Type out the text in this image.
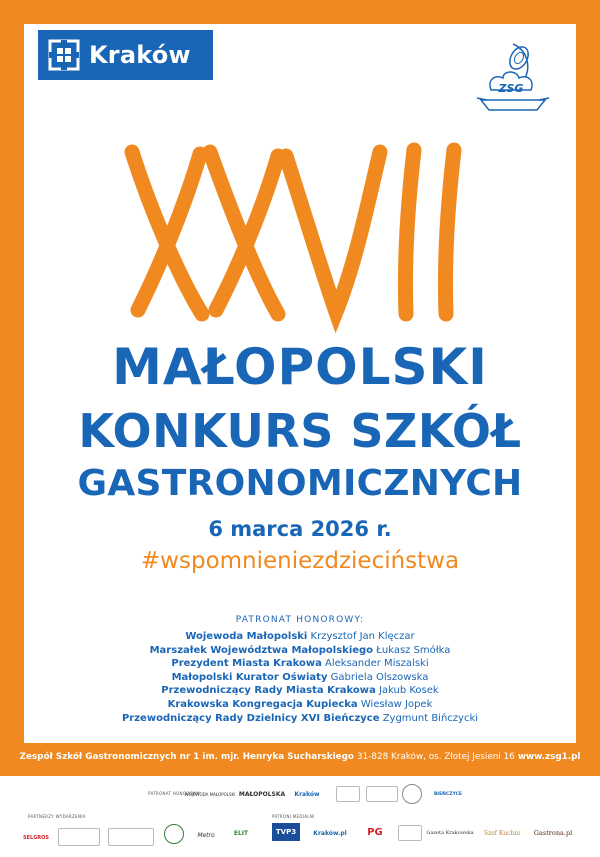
Kraków
ZSG
MAŁOPOLSKI
KONKURS SZKÓŁ
GASTRONOMICZNYCH
6 marca 2026 r.
#wspomnieniezdzieciństwa
PATRONAT HONOROWY:
Wojewoda Małopolski Krzysztof Jan Klęczar
Marszałek Województwa Małopolskiego Łukasz Smółka
Prezydent Miasta Krakowa Aleksander Miszalski
Małopolski Kurator Oświaty Gabriela Olszowska
Przewodniczący Rady Miasta Krakowa Jakub Kosek
Krakowska Kongregacja Kupiecka Wiesław Jopek
Przewodniczący Rady Dzielnicy XVI Bieńczyce Zygmunt Bińczycki
Zespół Szkół Gastronomicznych nr 1 im. mjr. Henryka Sucharskiego 31-828 Kraków, os. Złotej Jesieni 16 www.zsg1.pl
PATRONAT HONOROWY:
WOJEWODA MAŁOPOLSKI MAŁOPOLSKA	Kraków	BIEŃCZYCE
PARTNERZY WYDARZENIA	PATRONI MEDIALNI
SELGROS	Metro	ELIT	TVP3	Kraków.pl	PG	Gazeta Krakowska	Szef Kuchni Gastrona.pl
